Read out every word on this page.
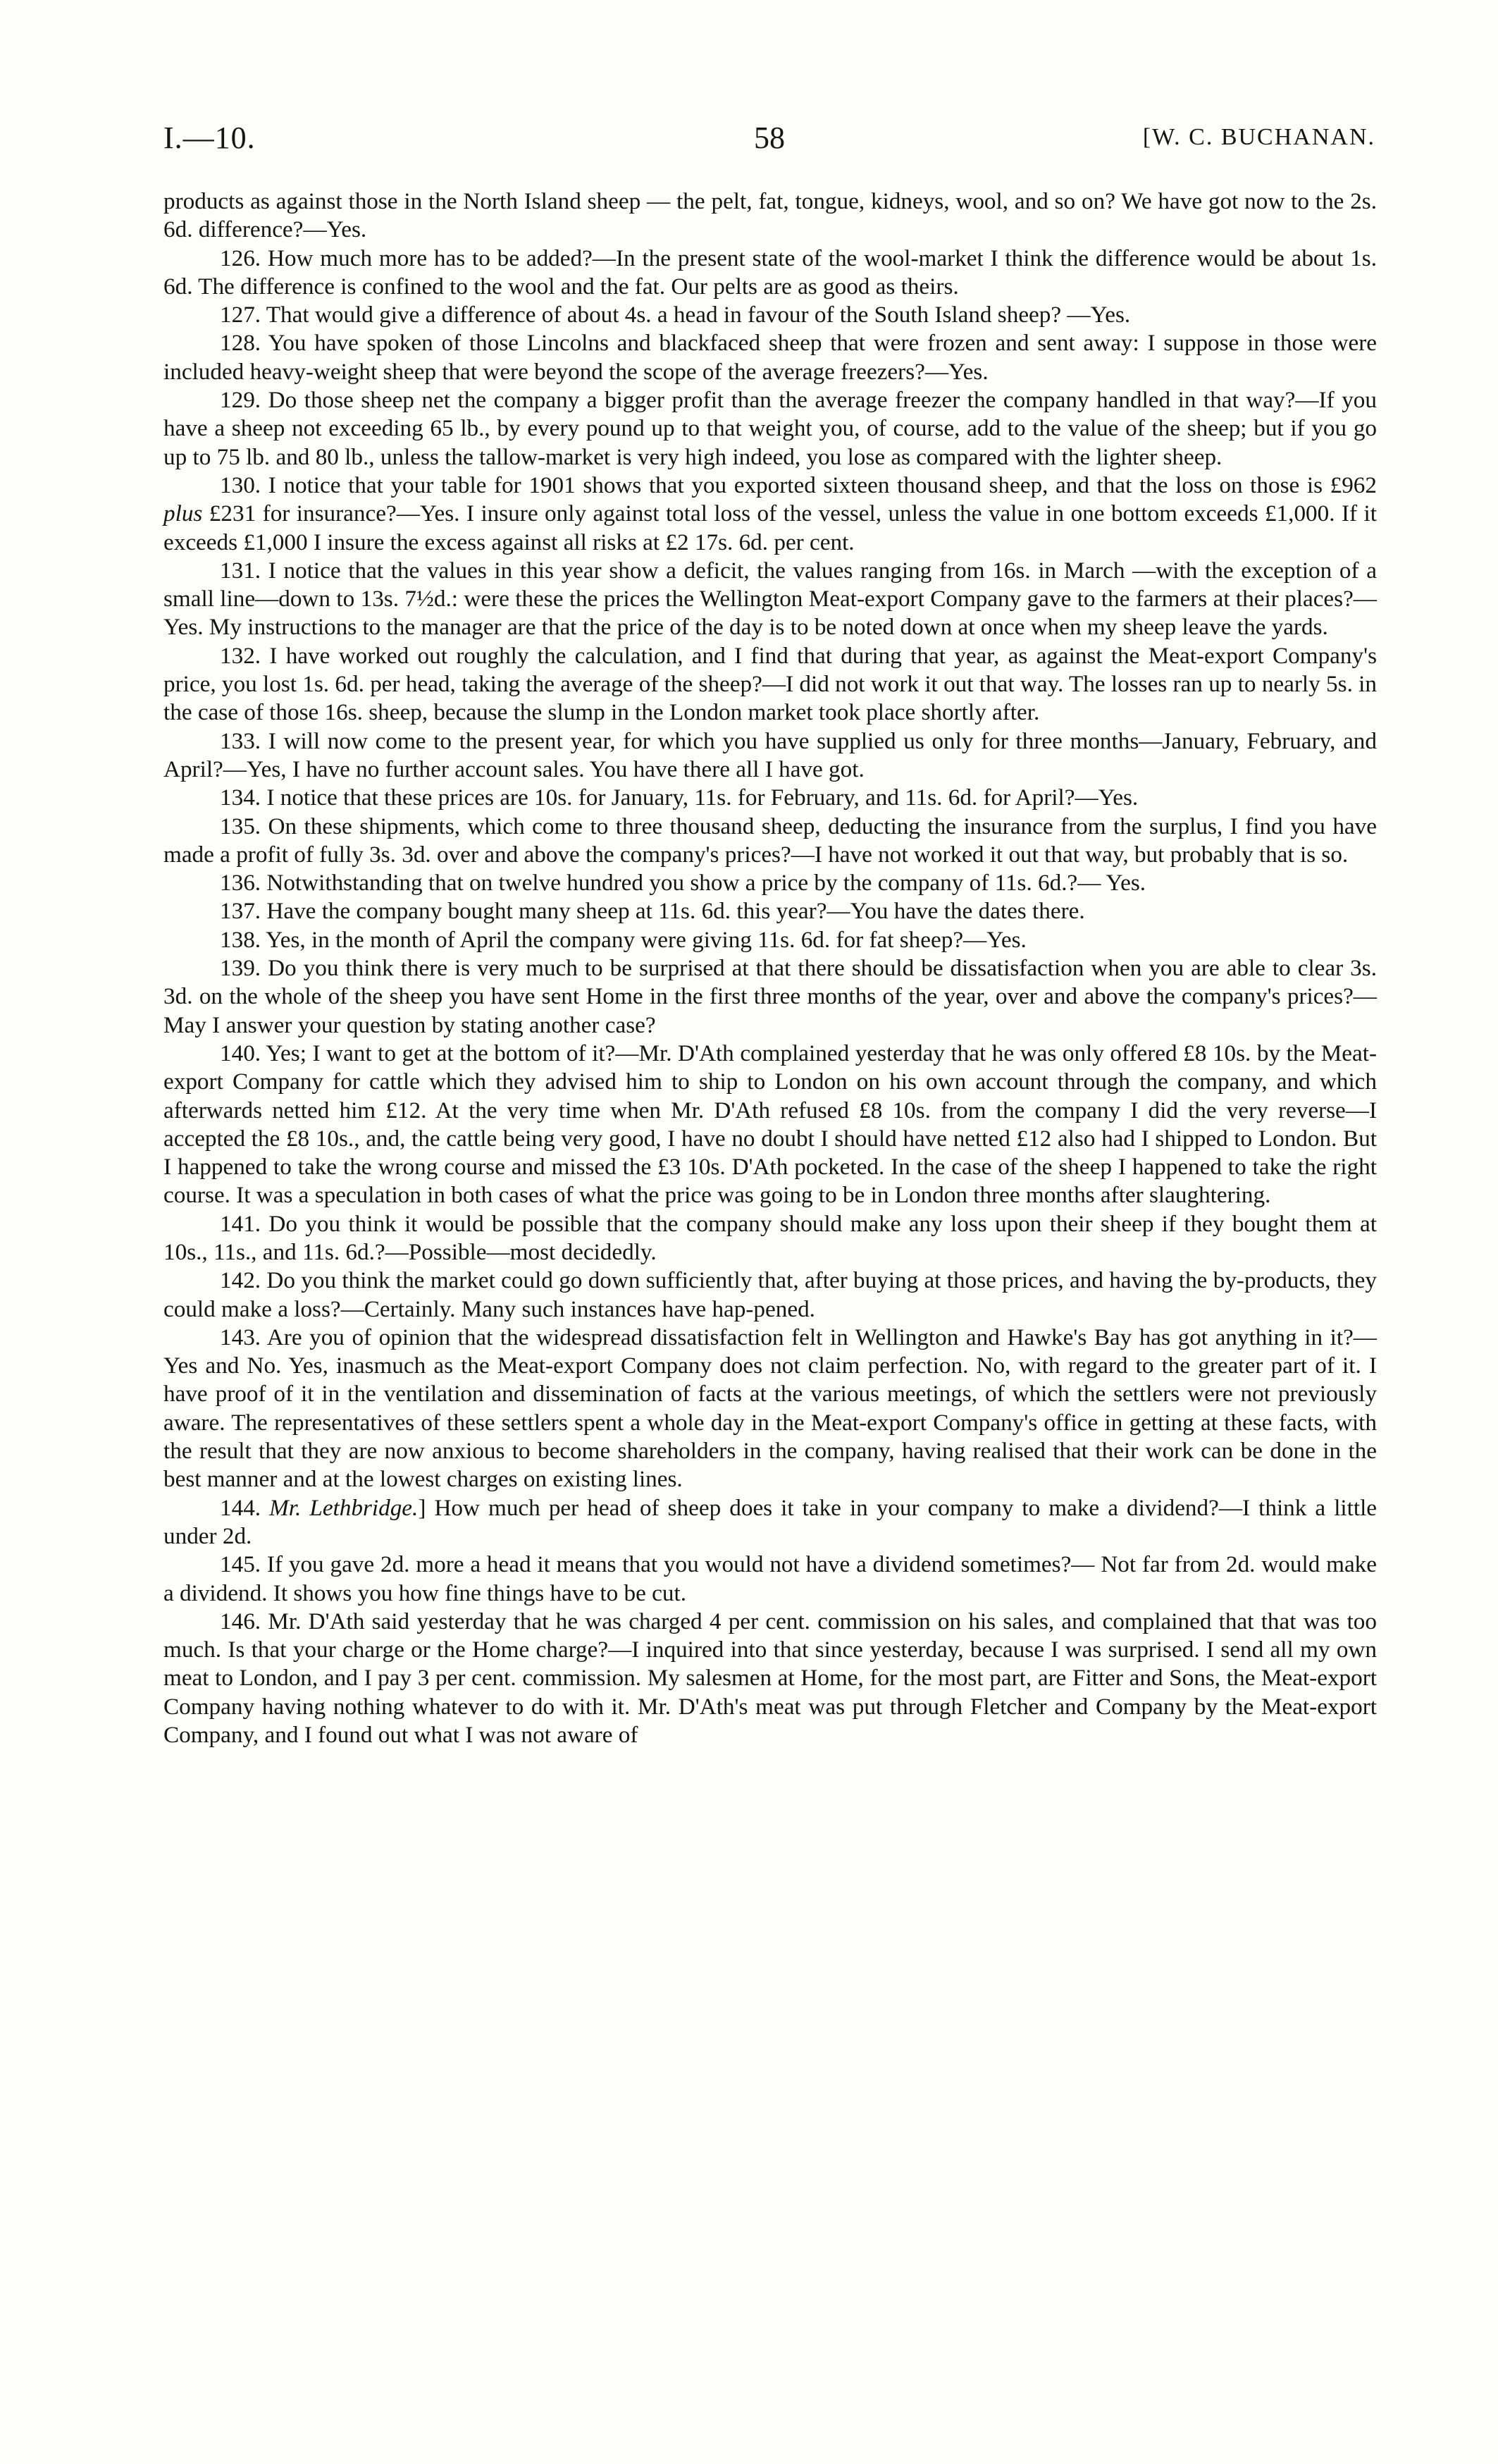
I.—10.	58	[W. C. BUCHANAN.

products as against those in the North Island sheep — the pelt, fat, tongue, kidneys, wool, and so on? We have got now to the 2s. 6d. difference?—Yes.

126. How much more has to be added?—In the present state of the wool-market I think the difference would be about 1s. 6d. The difference is confined to the wool and the fat. Our pelts are as good as theirs.

127. That would give a difference of about 4s. a head in favour of the South Island sheep? —Yes.

128. You have spoken of those Lincolns and blackfaced sheep that were frozen and sent away: I suppose in those were included heavy-weight sheep that were beyond the scope of the average freezers?—Yes.

129. Do those sheep net the company a bigger profit than the average freezer the company handled in that way?—If you have a sheep not exceeding 65 lb., by every pound up to that weight you, of course, add to the value of the sheep; but if you go up to 75 lb. and 80 lb., unless the tallow-market is very high indeed, you lose as compared with the lighter sheep.

130. I notice that your table for 1901 shows that you exported sixteen thousand sheep, and that the loss on those is £962 plus £231 for insurance?—Yes. I insure only against total loss of the vessel, unless the value in one bottom exceeds £1,000. If it exceeds £1,000 I insure the excess against all risks at £2 17s. 6d. per cent.

131. I notice that the values in this year show a deficit, the values ranging from 16s. in March —with the exception of a small line—down to 13s. 7½d.: were these the prices the Wellington Meat-export Company gave to the farmers at their places?—Yes. My instructions to the manager are that the price of the day is to be noted down at once when my sheep leave the yards.

132. I have worked out roughly the calculation, and I find that during that year, as against the Meat-export Company's price, you lost 1s. 6d. per head, taking the average of the sheep?—I did not work it out that way. The losses ran up to nearly 5s. in the case of those 16s. sheep, because the slump in the London market took place shortly after.

133. I will now come to the present year, for which you have supplied us only for three months—January, February, and April?—Yes, I have no further account sales. You have there all I have got.

134. I notice that these prices are 10s. for January, 11s. for February, and 11s. 6d. for April?—Yes.

135. On these shipments, which come to three thousand sheep, deducting the insurance from the surplus, I find you have made a profit of fully 3s. 3d. over and above the company's prices?—I have not worked it out that way, but probably that is so.

136. Notwithstanding that on twelve hundred you show a price by the company of 11s. 6d.?— Yes.

137. Have the company bought many sheep at 11s. 6d. this year?—You have the dates there.

138. Yes, in the month of April the company were giving 11s. 6d. for fat sheep?—Yes.

139. Do you think there is very much to be surprised at that there should be dissatisfaction when you are able to clear 3s. 3d. on the whole of the sheep you have sent Home in the first three months of the year, over and above the company's prices?—May I answer your question by stating another case?

140. Yes; I want to get at the bottom of it?—Mr. D'Ath complained yesterday that he was only offered £8 10s. by the Meat-export Company for cattle which they advised him to ship to London on his own account through the company, and which afterwards netted him £12. At the very time when Mr. D'Ath refused £8 10s. from the company I did the very reverse—I accepted the £8 10s., and, the cattle being very good, I have no doubt I should have netted £12 also had I shipped to London. But I happened to take the wrong course and missed the £3 10s. D'Ath pocketed. In the case of the sheep I happened to take the right course. It was a speculation in both cases of what the price was going to be in London three months after slaughtering.

141. Do you think it would be possible that the company should make any loss upon their sheep if they bought them at 10s., 11s., and 11s. 6d.?—Possible—most decidedly.

142. Do you think the market could go down sufficiently that, after buying at those prices, and having the by-products, they could make a loss?—Certainly. Many such instances have hap-pened.

143. Are you of opinion that the widespread dissatisfaction felt in Wellington and Hawke's Bay has got anything in it?—Yes and No. Yes, inasmuch as the Meat-export Company does not claim perfection. No, with regard to the greater part of it. I have proof of it in the ventilation and dissemination of facts at the various meetings, of which the settlers were not previously aware. The representatives of these settlers spent a whole day in the Meat-export Company's office in getting at these facts, with the result that they are now anxious to become shareholders in the company, having realised that their work can be done in the best manner and at the lowest charges on existing lines.

144. Mr. Lethbridge.] How much per head of sheep does it take in your company to make a dividend?—I think a little under 2d.

145. If you gave 2d. more a head it means that you would not have a dividend sometimes?— Not far from 2d. would make a dividend. It shows you how fine things have to be cut.

146. Mr. D'Ath said yesterday that he was charged 4 per cent. commission on his sales, and complained that that was too much. Is that your charge or the Home charge?—I inquired into that since yesterday, because I was surprised. I send all my own meat to London, and I pay 3 per cent. commission. My salesmen at Home, for the most part, are Fitter and Sons, the Meat-export Company having nothing whatever to do with it. Mr. D'Ath's meat was put through Fletcher and Company by the Meat-export Company, and I found out what I was not aware of
